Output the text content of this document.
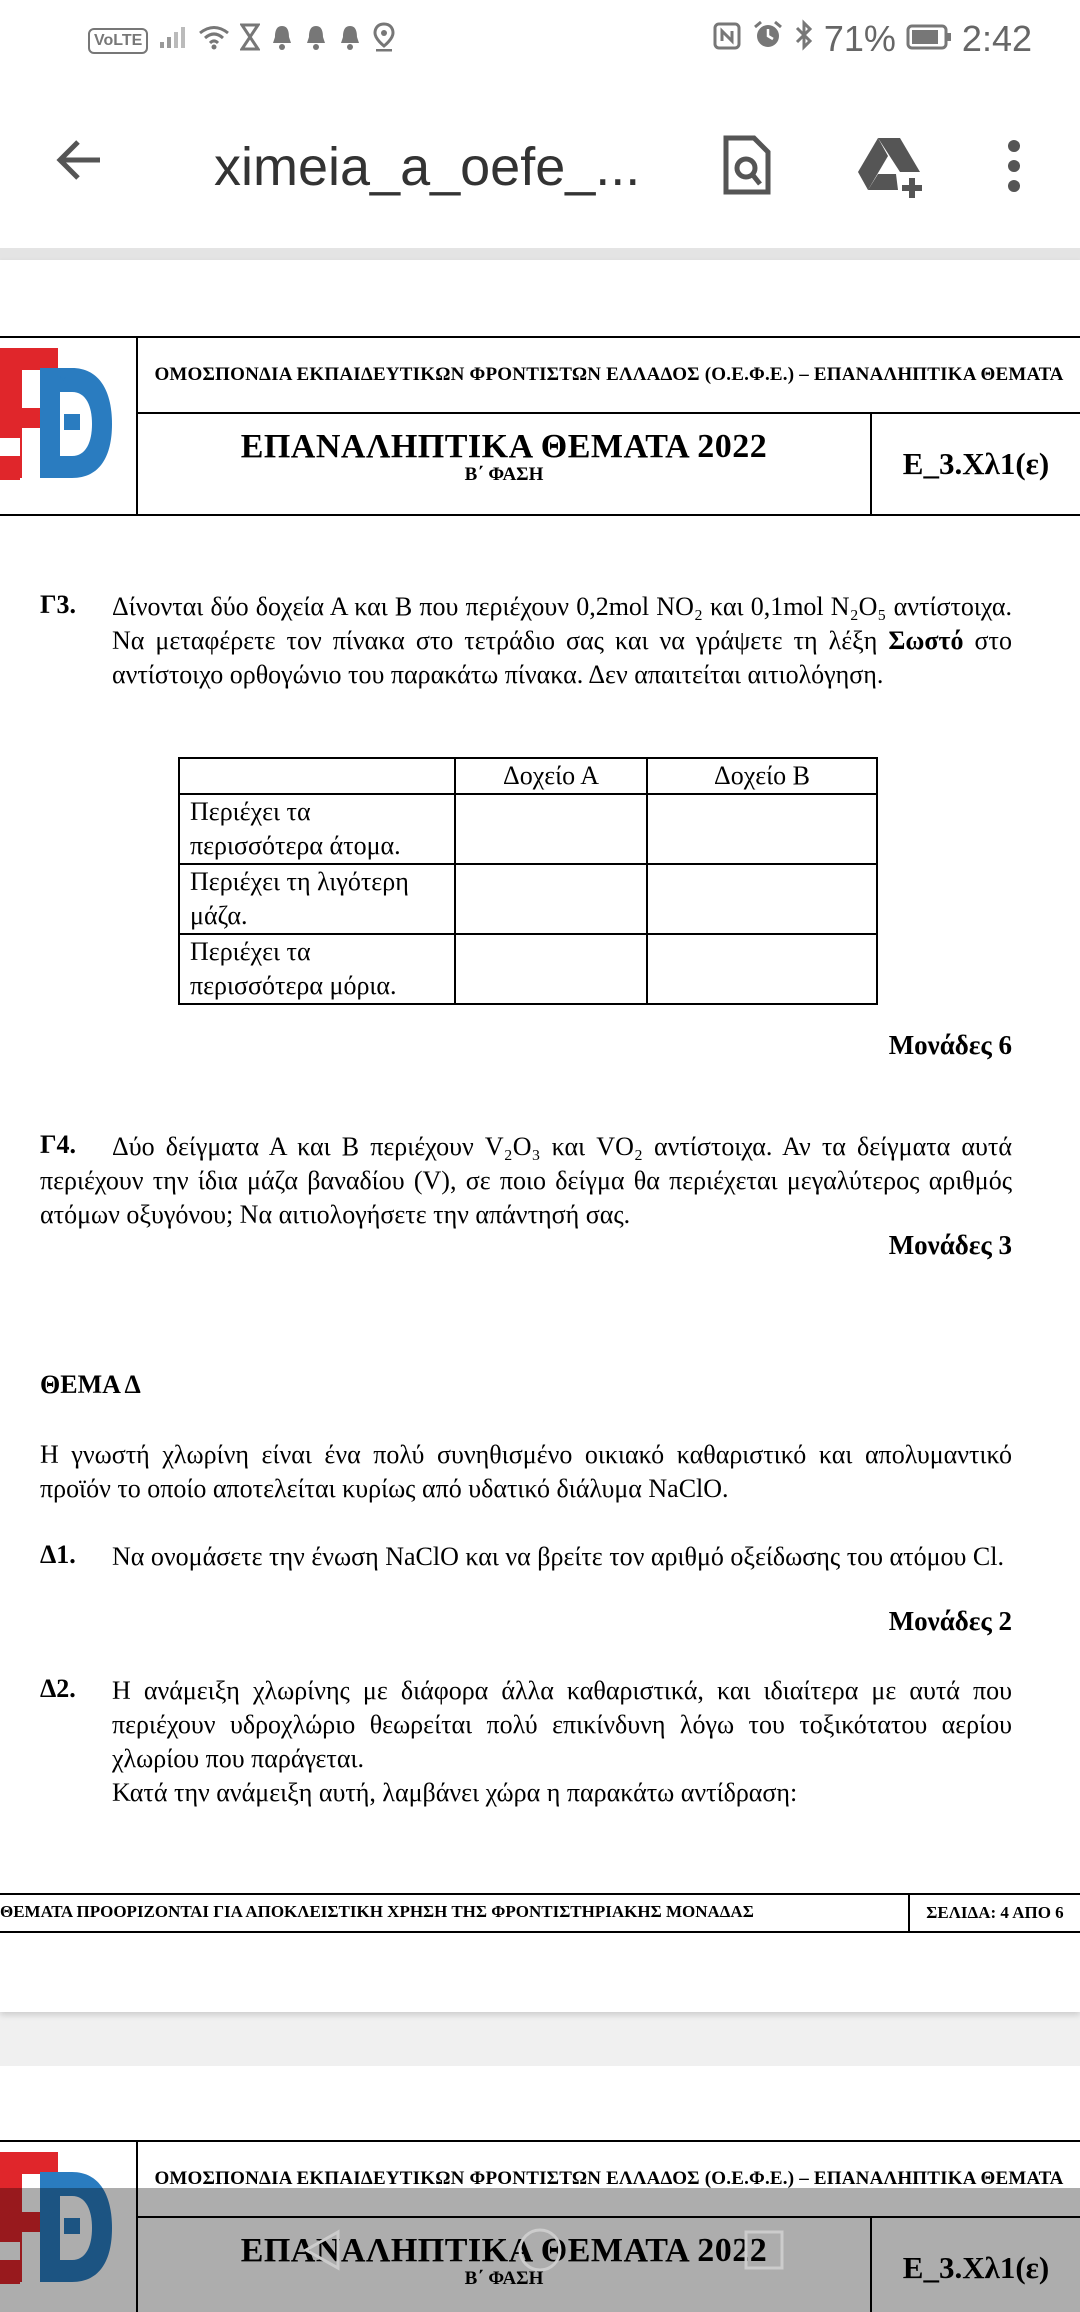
VoLTE	71% 2:42
ximeia_a_oefe_...
TM	ΟΜΟΣΠΟΝΔΙΑ ΕΚΠΑΙΔΕΥΤΙΚΩΝ ΦΡΟΝΤΙΣΤΩΝ ΕΛΛΑΔΟΣ (Ο.Ε.Φ.Ε.) – ΕΠΑΝΑΛΗΠΤΙΚΑ ΘΕΜΑΤΑ
ΕΠΑΝΑΛΗΠΤΙΚΑ ΘΕΜΑΤΑ 2022
Β΄ ΦΑΣΗ	Ε_3.Χλ1(ε)
Γ3. Δίνονται δύο δοχεία Α και Β που περιέχουν 0,2mol NO₂ και 0,1mol N₂O₅ αντίστοιχα. Να μεταφέρετε τον πίνακα στο τετράδιο σας και να γράψετε τη λέξη Σωστό στο αντίστοιχο ορθογώνιο του παρακάτω πίνακα. Δεν απαιτείται αιτιολόγηση.
	Δοχείο Α	Δοχείο Β
Περιέχει τα περισσότερα άτομα.		
Περιέχει τη λιγότερη μάζα.		
Περιέχει τα περισσότερα μόρια.		
Μονάδες 6
Γ4.	Δύο δείγματα Α και Β περιέχουν V₂O₃ και VO₂ αντίστοιχα. Αν τα δείγματα αυτά περιέχουν την ίδια μάζα βαναδίου (V), σε ποιο δείγμα θα περιέχεται μεγαλύτερος αριθμός ατόμων οξυγόνου; Να αιτιολογήσετε την απάντησή σας.
Μονάδες 3
ΘΕΜΑ Δ
Η γνωστή χλωρίνη είναι ένα πολύ συνηθισμένο οικιακό καθαριστικό και απολυμαντικό προϊόν το οποίο αποτελείται κυρίως από υδατικό διάλυμα NaClO.
Δ1. Να ονομάσετε την ένωση NaClO και να βρείτε τον αριθμό οξείδωσης του ατόμου Cl.
Μονάδες 2
Δ2. Η ανάμειξη χλωρίνης με διάφορα άλλα καθαριστικά, και ιδιαίτερα με αυτά που περιέχουν υδροχλώριο θεωρείται πολύ επικίνδυνη λόγω του τοξικότατου αερίου χλωρίου που παράγεται.
Κατά την ανάμειξη αυτή, λαμβάνει χώρα η παρακάτω αντίδραση:
ΘΕΜΑΤΑ ΠΡΟΟΡΙΖΟΝΤΑΙ ΓΙΑ ΑΠΟΚΛΕΙΣΤΙΚΗ ΧΡΗΣΗ ΤΗΣ ΦΡΟΝΤΙΣΤΗΡΙΑΚΗΣ ΜΟΝΑΔΑΣ	ΣΕΛΙΔΑ: 4 ΑΠΟ 6
ΟΜΟΣΠΟΝΔΙΑ ΕΚΠΑΙΔΕΥΤΙΚΩΝ ΦΡΟΝΤΙΣΤΩΝ ΕΛΛΑΔΟΣ (Ο.Ε.Φ.Ε.) – ΕΠΑΝΑΛΗΠΤΙΚΑ ΘΕΜΑΤΑ
ΕΠΑΝΑΛΗΠΤΙΚΑ ΘΕΜΑΤΑ 2022
Β΄ ΦΑΣΗ	Ε_3.Χλ1(ε)
